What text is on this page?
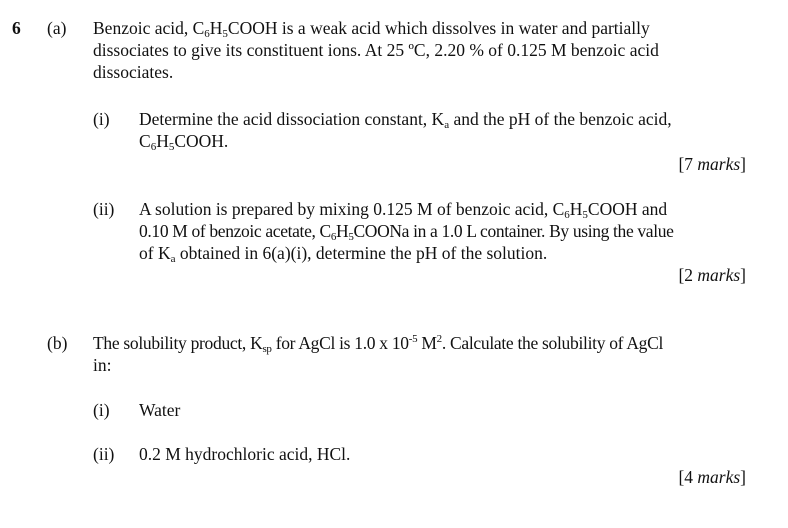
6 (a) Benzoic acid, $C_6H_5COOH$ is a weak acid which dissolves in water and partially
dissociates to give its constituent ions. At 25 ºC, 2.20 % of 0.125 M benzoic acid
dissociates.
(i) Determine the acid dissociation constant, $K_a$ and the pH of the benzoic acid,
$C_6H_5COOH$.
[7 marks]
(ii) A solution is prepared by mixing 0.125 M of benzoic acid, $C_6H_5COOH$ and
0.10 M of benzoic acetate, $C_6H_5COONa$ in a 1.0 L container. By using the value
of $K_a$ obtained in 6(a)(i), determine the pH of the solution.
[2 marks]
(b) The solubility product, $K_{sp}$ for AgCl is 1.0 x $10^{-5}$ $M^2$. Calculate the solubility of AgCl
in:
(i) Water
(ii) 0.2 M hydrochloric acid, HCl.
[4 marks]
